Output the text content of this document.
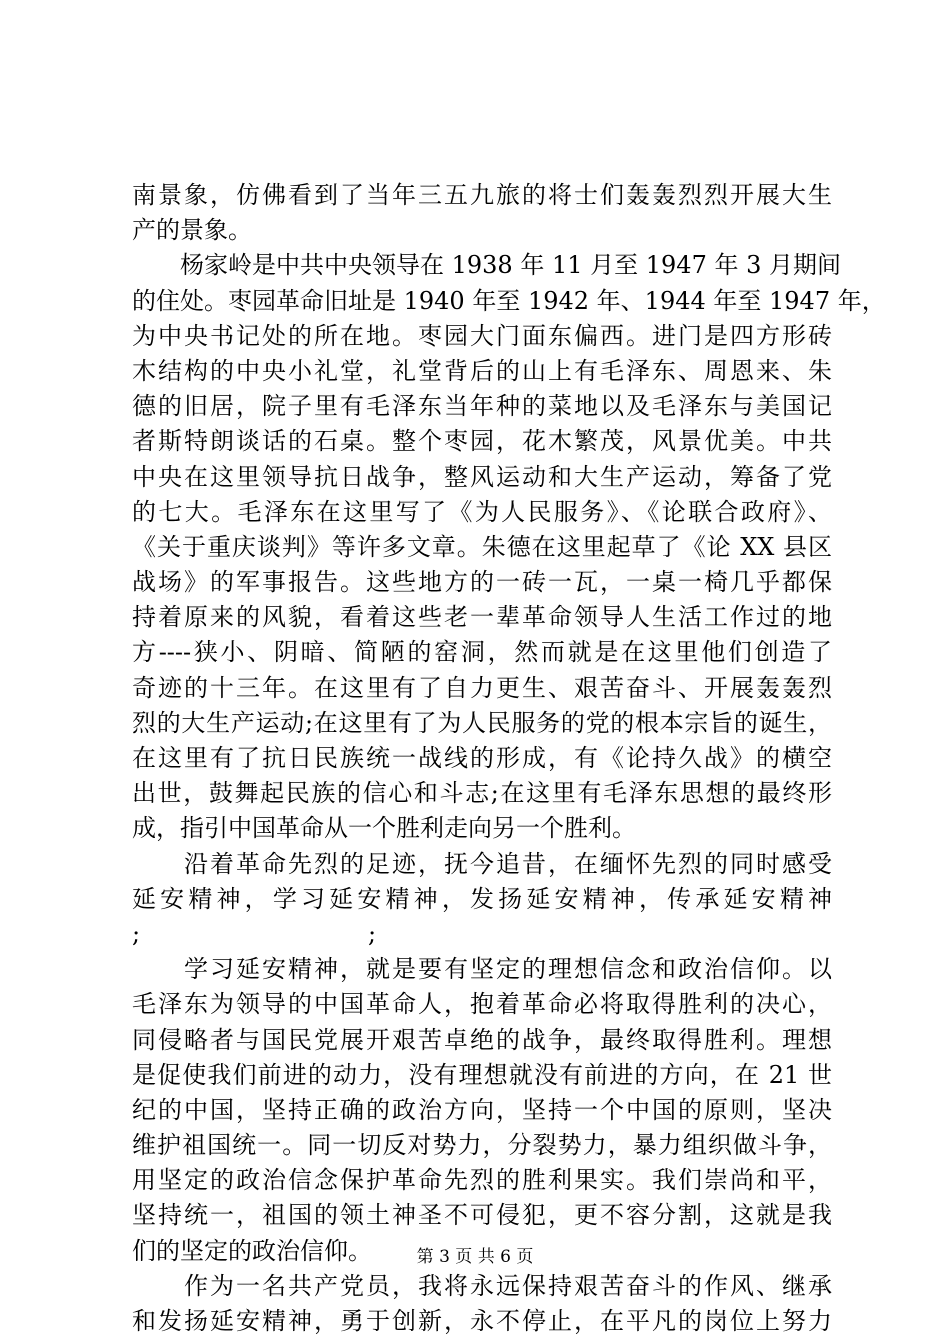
南景象，仿佛看到了当年三五九旅的将士们轰轰烈烈开展大生
产的景象。
　　杨家岭是中共中央领导在 1938 年 11 月至 1947 年 3 月期间
的住处。枣园革命旧址是 1940 年至 1942 年、1944 年至 1947 年，
为中央书记处的所在地。枣园大门面东偏西。进门是四方形砖
木结构的中央小礼堂，礼堂背后的山上有毛泽东、周恩来、朱
德的旧居，院子里有毛泽东当年种的菜地以及毛泽东与美国记
者斯特朗谈话的石桌。整个枣园，花木繁茂，风景优美。中共
中央在这里领导抗日战争，整风运动和大生产运动，筹备了党
的七大。毛泽东在这里写了《为人民服务》、《论联合政府》、
《关于重庆谈判》等许多文章。朱德在这里起草了《论 XX 县区
战场》的军事报告。这些地方的一砖一瓦，一桌一椅几乎都保
持着原来的风貌，看着这些老一辈革命领导人生活工作过的地
方----狭小、阴暗、简陋的窑洞，然而就是在这里他们创造了
奇迹的十三年。在这里有了自力更生、艰苦奋斗、开展轰轰烈
烈的大生产运动;在这里有了为人民服务的党的根本宗旨的诞生，
在这里有了抗日民族统一战线的形成，有《论持久战》的横空
出世，鼓舞起民族的信心和斗志;在这里有毛泽东思想的最终形
成，指引中国革命从一个胜利走向另一个胜利。
　　沿着革命先烈的足迹，抚今追昔，在缅怀先烈的同时感受
延安精神，学习延安精神，发扬延安精神，传承延安精神
;	;
　　学习延安精神，就是要有坚定的理想信念和政治信仰。以
毛泽东为领导的中国革命人，抱着革命必将取得胜利的决心，
同侵略者与国民党展开艰苦卓绝的战争，最终取得胜利。理想
是促使我们前进的动力，没有理想就没有前进的方向，在 21 世
纪的中国，坚持正确的政治方向，坚持一个中国的原则，坚决
维护祖国统一。同一切反对势力，分裂势力，暴力组织做斗争，
用坚定的政治信念保护革命先烈的胜利果实。我们崇尚和平，
坚持统一，祖国的领土神圣不可侵犯，更不容分割，这就是我
们的坚定的政治信仰。
　　作为一名共产党员，我将永远保持艰苦奋斗的作风、继承
和发扬延安精神，勇于创新，永不停止，在平凡的岗位上努力
第 3 页 共 6 页
